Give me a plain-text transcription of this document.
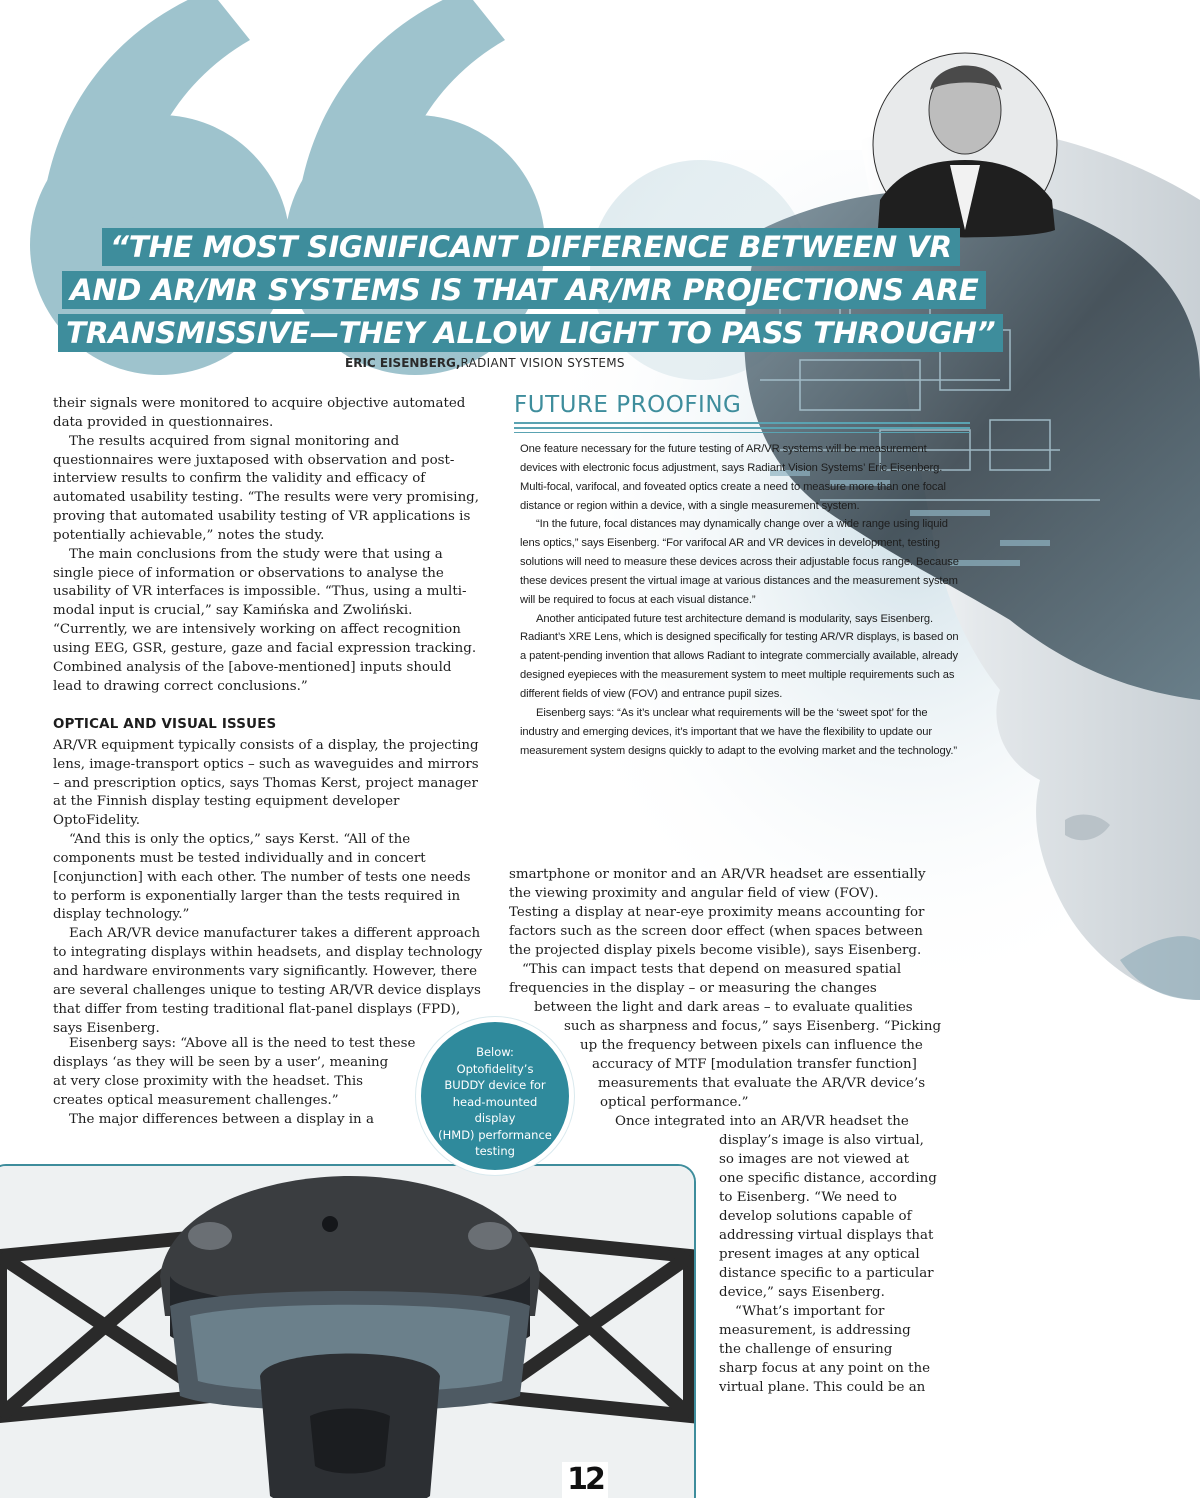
“THE MOST SIGNIFICANT DIFFERENCE BETWEEN VR
AND AR/MR SYSTEMS IS THAT AR/MR PROJECTIONS ARE
TRANSMISSIVE—THEY ALLOW LIGHT TO PASS THROUGH”
ERIC EISENBERG,RADIANT VISION SYSTEMS

their signals were monitored to acquire objective automated data provided in questionnaires.

The results acquired from signal monitoring and questionnaires were juxtaposed with observation and post-interview results to confirm the validity and efficacy of automated usability testing. “The results were very promising, proving that automated usability testing of VR applications is potentially achievable,” notes the study.

The main conclusions from the study were that using a single piece of information or observations to analyse the usability of VR interfaces is impossible. “Thus, using a multi-modal input is crucial,” say Kamińska and Zwoliński. “Currently, we are intensively working on affect recognition using EEG, GSR, gesture, gaze and facial expression tracking. Combined analysis of the [above-mentioned] inputs should lead to drawing correct conclusions.”

OPTICAL AND VISUAL ISSUES

AR/VR equipment typically consists of a display, the projecting lens, image-transport optics – such as waveguides and mirrors – and prescription optics, says Thomas Kerst, project manager at the Finnish display testing equipment developer OptoFidelity.

“And this is only the optics,” says Kerst. “All of the components must be tested individually and in concert [conjunction] with each other. The number of tests one needs to perform is exponentially larger than the tests required in display technology.”

Each AR/VR device manufacturer takes a different approach to integrating displays within headsets, and display technology and hardware environments vary significantly. However, there are several challenges unique to testing AR/VR device displays that differ from testing traditional flat-panel displays (FPD), says Eisenberg.

Eisenberg says: “Above all is the need to test these

displays ‘as they will be seen by a user’, meaning

at very close proximity with the headset. This

creates optical measurement challenges.”

The major differences between a display in a

FUTURE PROOFING

One feature necessary for the future testing of AR/VR systems will be measurement devices with electronic focus adjustment, says Radiant Vision Systems’ Eric Eisenberg. Multi-focal, varifocal, and foveated optics create a need to measure more than one focal distance or region within a device, with a single measurement system.

“In the future, focal distances may dynamically change over a wide range using liquid lens optics,” says Eisenberg. “For varifocal AR and VR devices in development, testing solutions will need to measure these devices across their adjustable focus range. Because these devices present the virtual image at various distances and the measurement system will be required to focus at each visual distance.”

Another anticipated future test architecture demand is modularity, says Eisenberg. Radiant’s XRE Lens, which is designed specifically for testing AR/VR displays, is based on a patent-pending invention that allows Radiant to integrate commercially available, already designed eyepieces with the measurement system to meet multiple requirements such as different fields of view (FOV) and entrance pupil sizes.

Eisenberg says: “As it’s unclear what requirements will be the ‘sweet spot’ for the industry and emerging devices, it’s important that we have the flexibility to update our measurement system designs quickly to adapt to the evolving market and the technology.”

smartphone or monitor and an AR/VR headset are essentially

the viewing proximity and angular field of view (FOV).

Testing a display at near-eye proximity means accounting for

factors such as the screen door effect (when spaces between

the projected display pixels become visible), says Eisenberg.

“This can impact tests that depend on measured spatial

frequencies in the display – or measuring the changes

between the light and dark areas – to evaluate qualities

such as sharpness and focus,” says Eisenberg. “Picking

up the frequency between pixels can influence the

accuracy of MTF [modulation transfer function]

measurements that evaluate the AR/VR device’s

optical performance.”

Once integrated into an AR/VR headset the

display’s image is also virtual,

so images are not viewed at

one specific distance, according

to Eisenberg. “We need to

develop solutions capable of

addressing virtual displays that

present images at any optical

distance specific to a particular

device,” says Eisenberg.

“What’s important for

measurement, is addressing

the challenge of ensuring

sharp focus at any point on the

virtual plane. This could be an

Below:
Optofidelity’s
BUDDY device for
head-mounted display
(HMD) performance
testing
12
